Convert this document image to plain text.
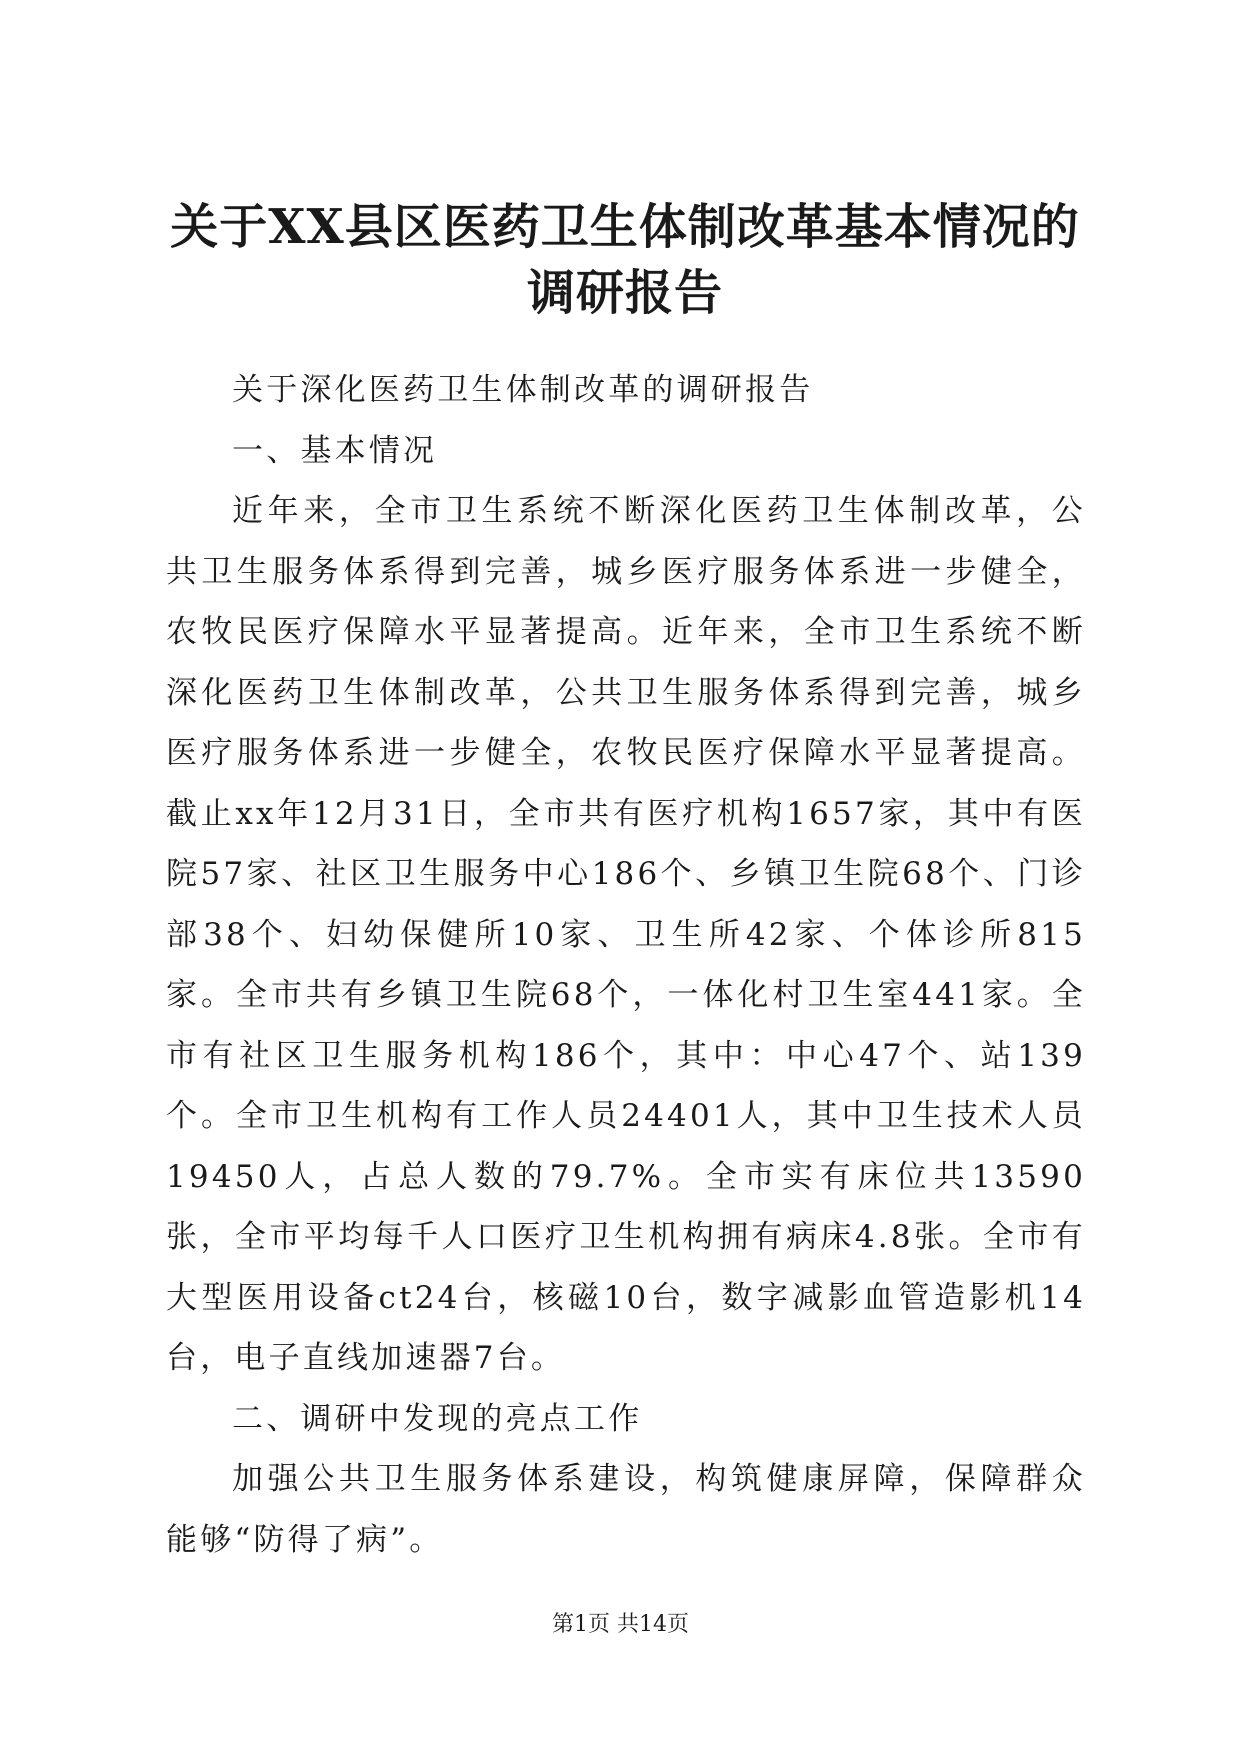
关于XX县区医药卫生体制改革基本情况的调研报告

关于深化医药卫生体制改革的调研报告

一、基本情况

近年来，全市卫生系统不断深化医药卫生体制改革，公共卫生服务体系得到完善，城乡医疗服务体系进一步健全，农牧民医疗保障水平显著提高。近年来，全市卫生系统不断深化医药卫生体制改革，公共卫生服务体系得到完善，城乡医疗服务体系进一步健全，农牧民医疗保障水平显著提高。截止xx年12月31日，全市共有医疗机构1657家，其中有医院57家、社区卫生服务中心186个、乡镇卫生院68个、门诊部38个、妇幼保健所10家、卫生所42家、个体诊所815家。全市共有乡镇卫生院68个，一体化村卫生室441家。全市有社区卫生服务机构186个，其中：中心47个、站139个。全市卫生机构有工作人员24401人，其中卫生技术人员19450人，占总人数的79.7%。全市实有床位共13590张，全市平均每千人口医疗卫生机构拥有病床4.8张。全市有大型医用设备ct24台，核磁10台，数字减影血管造影机14台，电子直线加速器7台。

二、调研中发现的亮点工作

加强公共卫生服务体系建设，构筑健康屏障，保障群众能够“防得了病”。

第1页 共14页
